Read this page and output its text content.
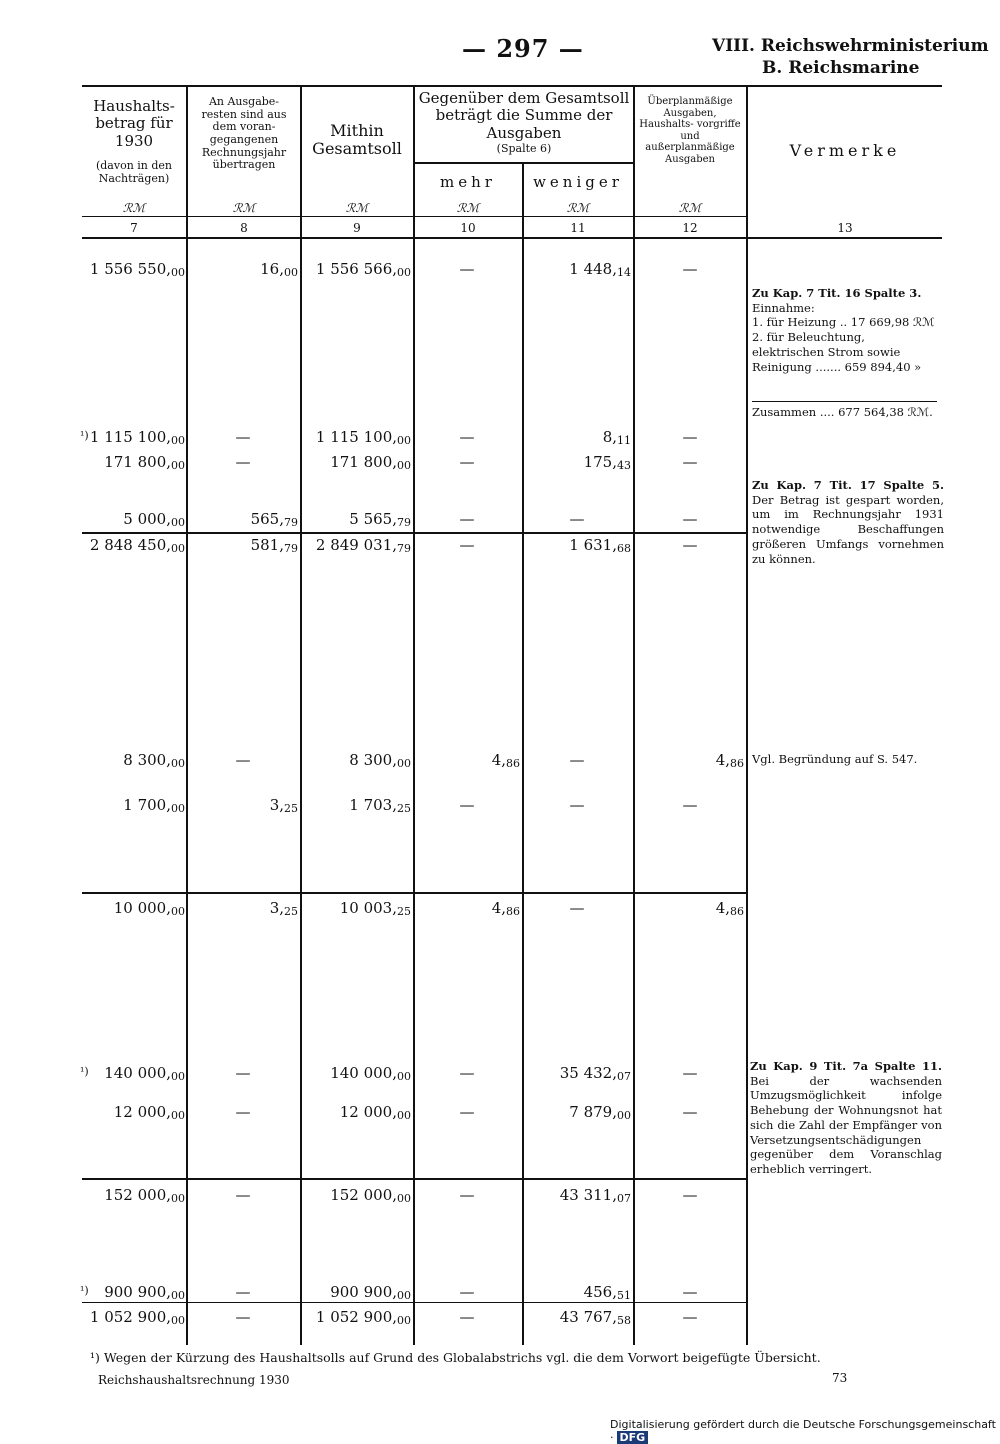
— 297 —	VIII. Reichswehrministerium
B. Reichsmarine
Haushalts- betrag für 1930
(davon in den Nachträgen)
An Ausgabe- resten sind aus dem voran- gegangenen Rechnungsjahr übertragen
Mithin Gesamtsoll
Gegenüber dem Gesamtsoll beträgt die Summe der Ausgaben
(Spalte 6)
mehr	weniger
Überplanmäßige Ausgaben, Haushalts- vorgriffe und außerplanmäßige Ausgaben	Vermerke
ℛℳ	ℛℳ	ℛℳ	ℛℳ	ℛℳ	ℛℳ
7	8	9	10	11	12	13
1 556 550,00	16,00 1 556 566,00	—	1 448,14	—
¹) 1 115 100,00	—	1 115 100,00	—	8,11	—
171 800,00	—	171 800,00	—	175,43	—
5 000,00	565,79	5 565,79	—	—	—
2 848 450,00	581,79 2 849 031,79	—	1 631,68	—
8 300,00	—	8 300,00	4,86	—	4,86
1 700,00	3,25	1 703,25	—	—	—
10 000,00	3,25	10 003,25	4,86	—	4,86
¹) 140 000,00	—	140 000,00	—	35 432,07	—
12 000,00	—	12 000,00	—	7 879,00	—
152 000,00	—	152 000,00	—	43 311,07	—
¹) 900 900,00	—	900 900,00	—	456,51	—
1 052 900,00	—	1 052 900,00	—	43 767,58	—
Zu Kap. 7 Tit. 16 Spalte 3. Einnahme:
1. für Heizung .. 17 669,98 ℛℳ
2. für Beleuchtung, elektrischen Strom sowie Reinigung ....... 659 894,40 »
Zusammen .... 677 564,38 ℛℳ.
Zu Kap. 7 Tit. 17 Spalte 5. Der Betrag ist gespart worden, um im Rechnungsjahr 1931 notwendige Beschaffungen größeren Umfangs vornehmen zu können.
Vgl. Begründung auf S. 547.
Zu Kap. 9 Tit. 7a Spalte 11. Bei der wachsenden Umzugsmöglichkeit infolge Behebung der Wohnungsnot hat sich die Zahl der Empfänger von Versetzungsentschädigungen gegenüber dem Voranschlag erheblich verringert.
¹) Wegen der Kürzung des Haushaltsolls auf Grund des Globalabstrichs vgl. die dem Vorwort beigefügte Übersicht.
Reichshaushaltsrechnung 1930	73
Digitalisierung gefördert durch die Deutsche Forschungsgemeinschaft · DFG
